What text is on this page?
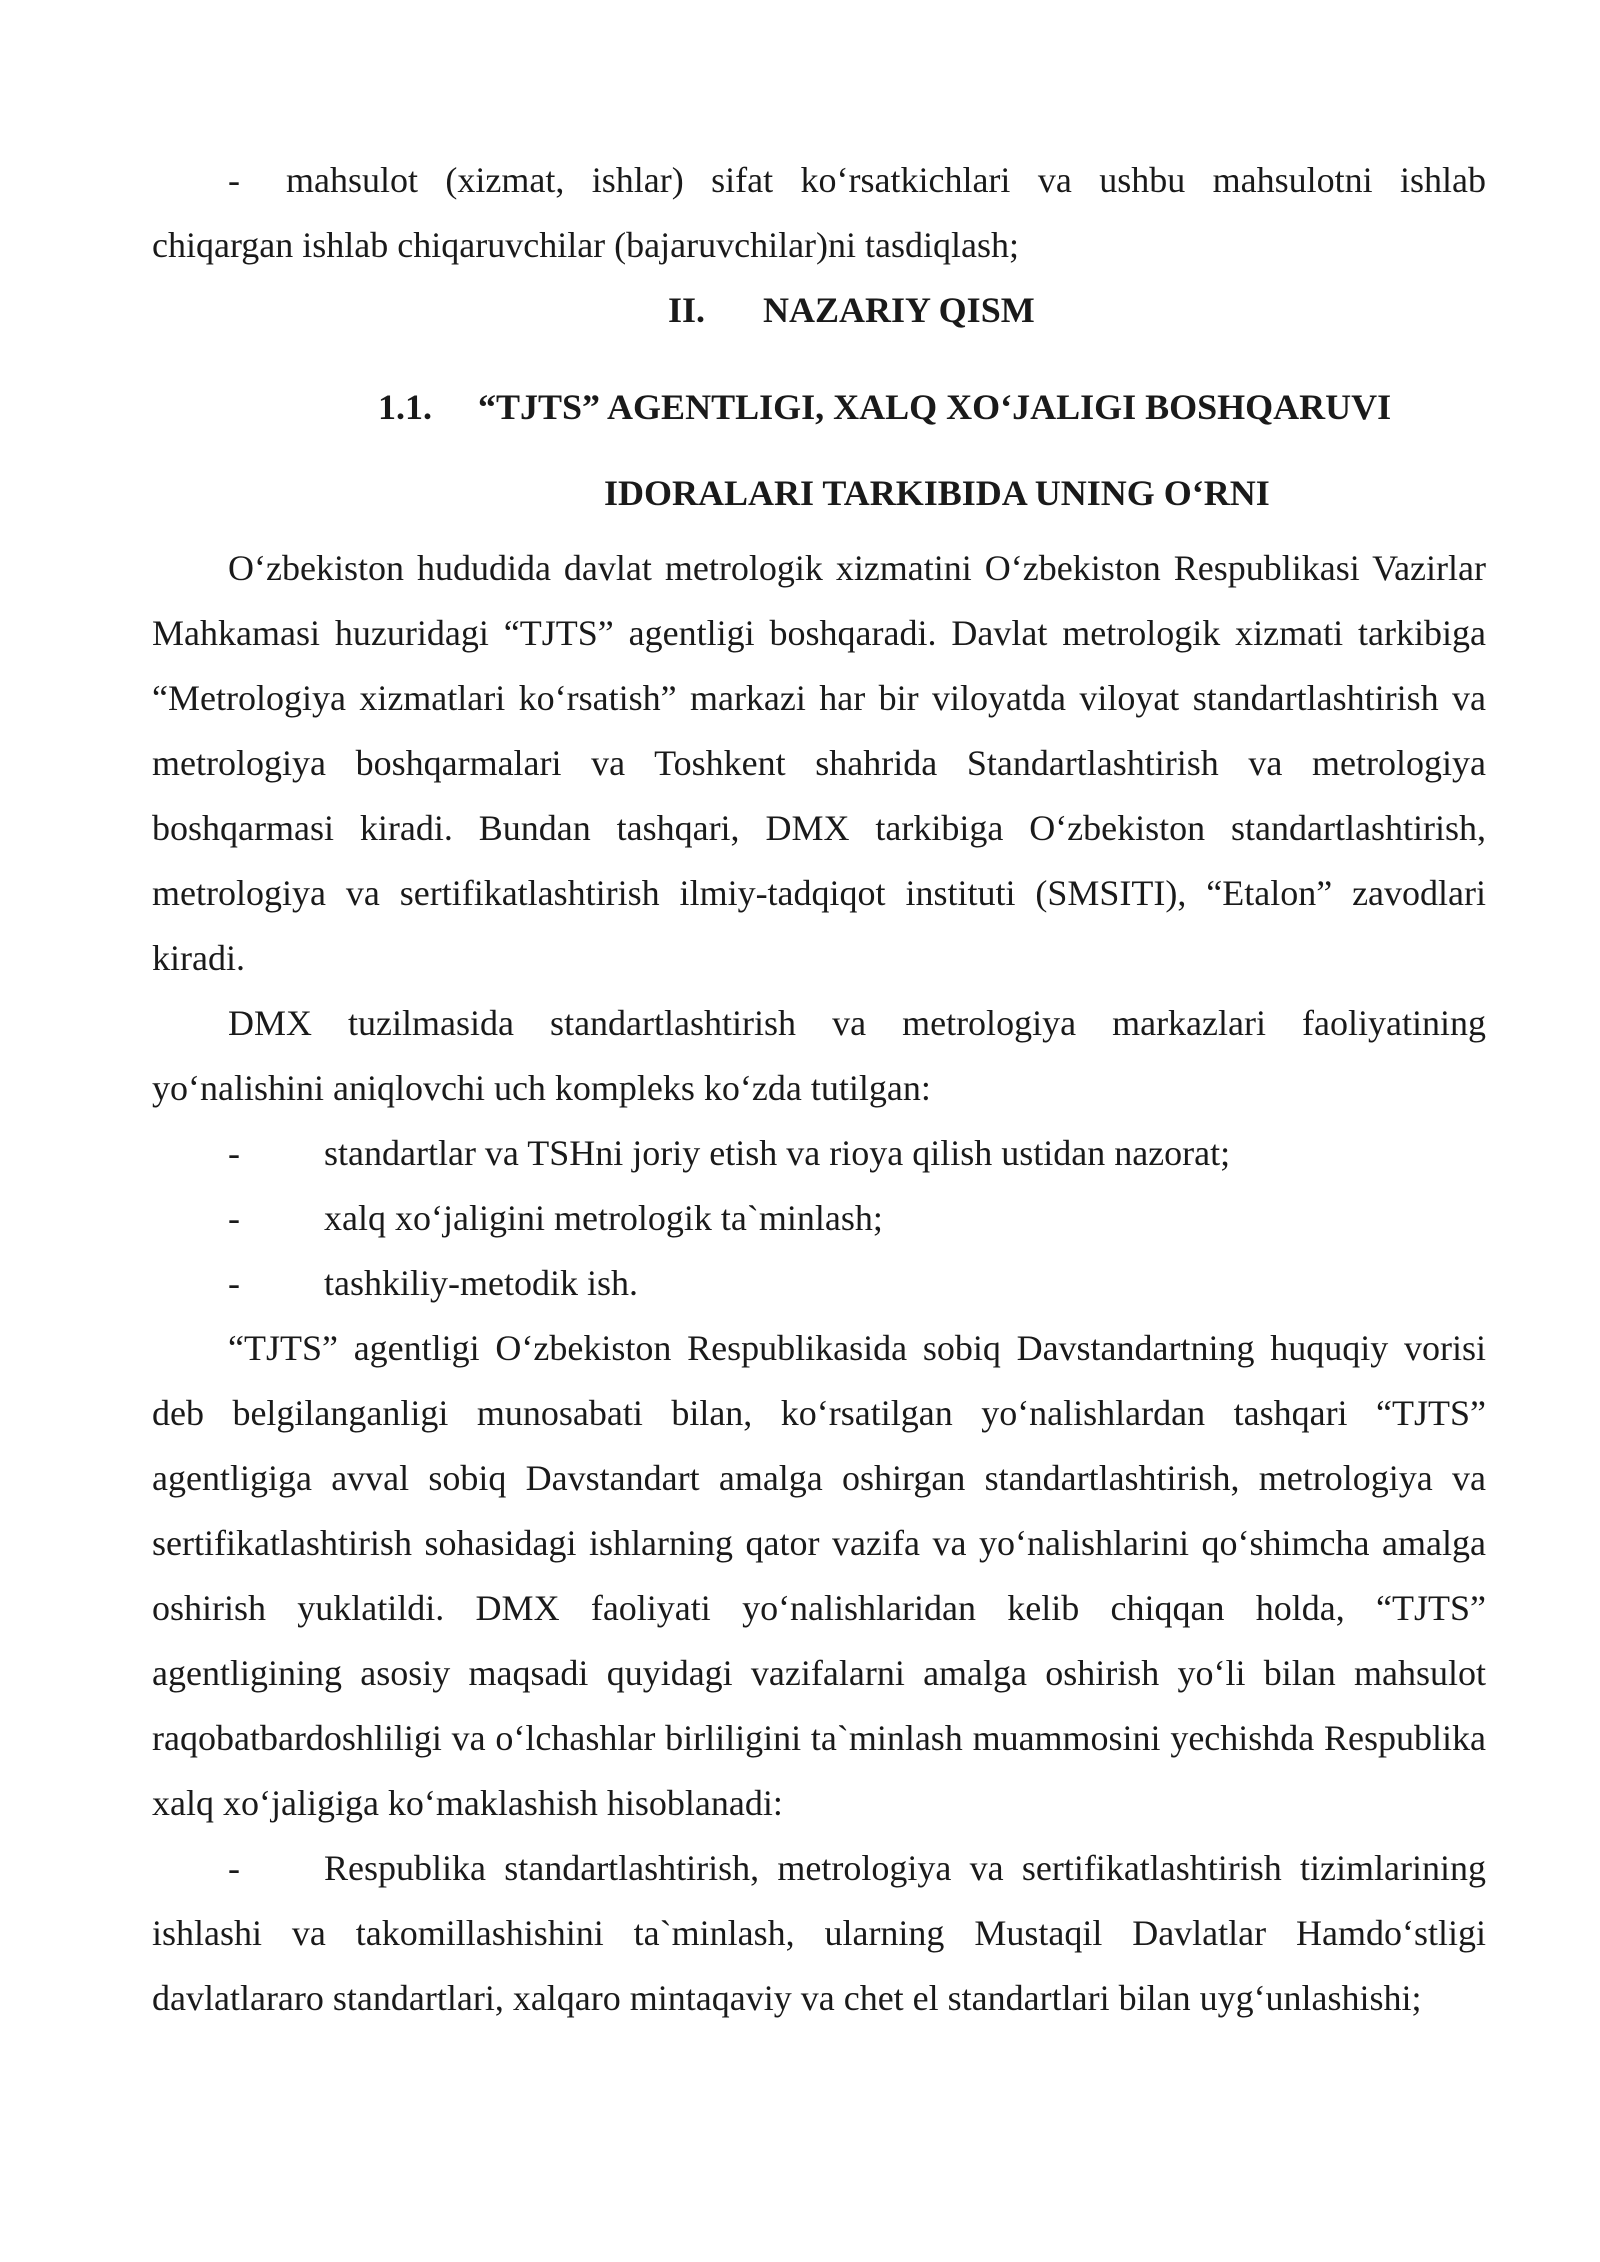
- mahsulot (xizmat, ishlar) sifat ko‘rsatkichlari va ushbu mahsulotni ishlab chiqargan ishlab chiqaruvchilar (bajaruvchilar)ni tasdiqlash;

II. NAZARIY QISM
1.1. “TJTS” AGENTLIGI, XALQ XO‘JALIGI BOSHQARUVI
IDORALARI TARKIBIDA UNING O‘RNI

O‘zbekiston hududida davlat metrologik xizmatini O‘zbekiston Respublikasi Vazirlar Mahkamasi huzuridagi “TJTS” agentligi boshqaradi. Davlat metrologik xizmati tarkibiga “Metrologiya xizmatlari ko‘rsatish” markazi har bir viloyatda viloyat standartlashtirish va metrologiya boshqarmalari va Toshkent shahrida Standartlashtirish va metrologiya boshqarmasi kiradi. Bundan tashqari, DMX tarkibiga O‘zbekiston standartlashtirish, metrologiya va sertifikatlashtirish ilmiy-tadqiqot instituti (SMSITI), “Etalon” zavodlari kiradi.

DMX tuzilmasida standartlashtirish va metrologiya markazlari faoliyatining yo‘nalishini aniqlovchi uch kompleks ko‘zda tutilgan:

- standartlar va TSHni joriy etish va rioya qilish ustidan nazorat;
- xalq xo‘jaligini metrologik ta`minlash;
- tashkiliy-metodik ish.

“TJTS” agentligi O‘zbekiston Respublikasida sobiq Davstandartning huquqiy vorisi deb belgilanganligi munosabati bilan, ko‘rsatilgan yo‘nalishlardan tashqari “TJTS” agentligiga avval sobiq Davstandart amalga oshirgan standartlashtirish, metrologiya va sertifikatlashtirish sohasidagi ishlarning qator vazifa va yo‘nalishlarini qo‘shimcha amalga oshirish yuklatildi. DMX faoliyati yo‘nalishlaridan kelib chiqqan holda, “TJTS” agentligining asosiy maqsadi quyidagi vazifalarni amalga oshirish yo‘li bilan mahsulot raqobatbardoshliligi va o‘lchashlar birliligini ta`minlash muammosini yechishda Respublika xalq xo‘jaligiga ko‘maklashish hisoblanadi:

- Respublika standartlashtirish, metrologiya va sertifikatlashtirish tizimlarining ishlashi va takomillashishini ta`minlash, ularning Mustaqil Davlatlar Hamdo‘stligi davlatlararo standartlari, xalqaro mintaqaviy va chet el standartlari bilan uyg‘unlashishi;
